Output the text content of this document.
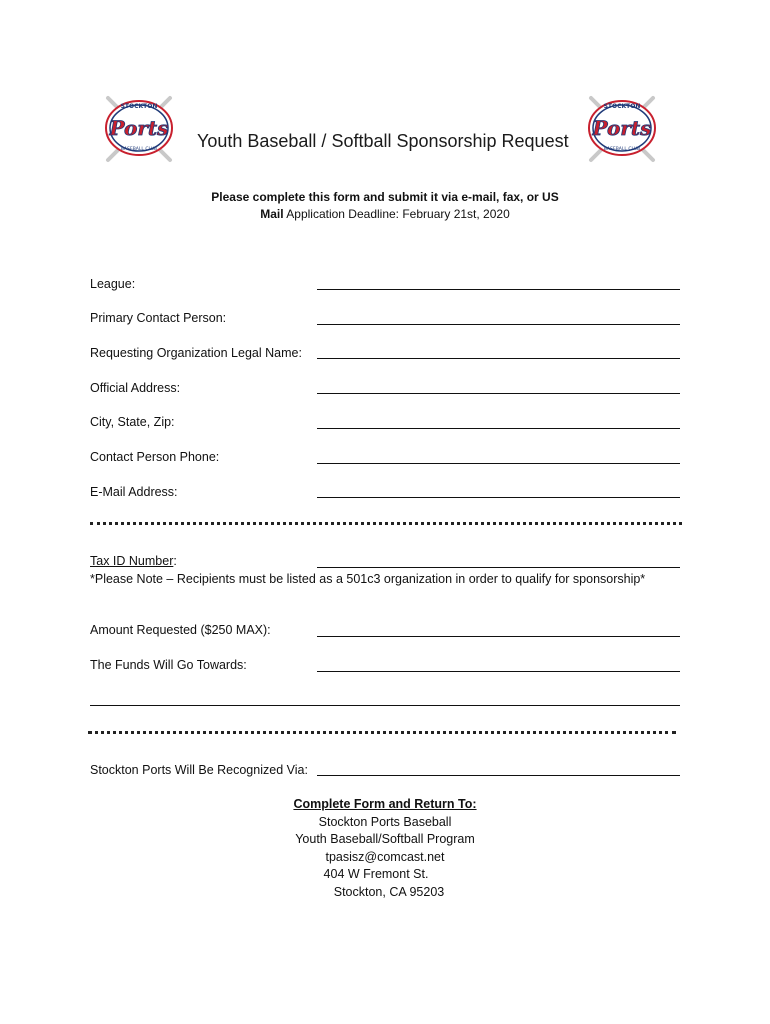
STOCKTON
Ports
BASEBALL CLUB Youth Baseball / Softball Sponsorship Request
STOCKTON
Ports
BASEBALL CLUB
Please complete this form and submit it via e-mail, fax, or US
Mail Application Deadline: February 21st, 2020
League:
Primary Contact Person:
Requesting Organization Legal Name:
Official Address:
City, State, Zip:
Contact Person Phone:
E-Mail Address:
Tax ID Number:
*Please Note – Recipients must be listed as a 501c3 organization in order to qualify for sponsorship*
Amount Requested ($250 MAX):
The Funds Will Go Towards:
Stockton Ports Will Be Recognized Via:
Complete Form and Return To:
Stockton Ports Baseball
Youth Baseball/Softball Program
tpasisz@comcast.net
404 W Fremont St.
Stockton, CA 95203
